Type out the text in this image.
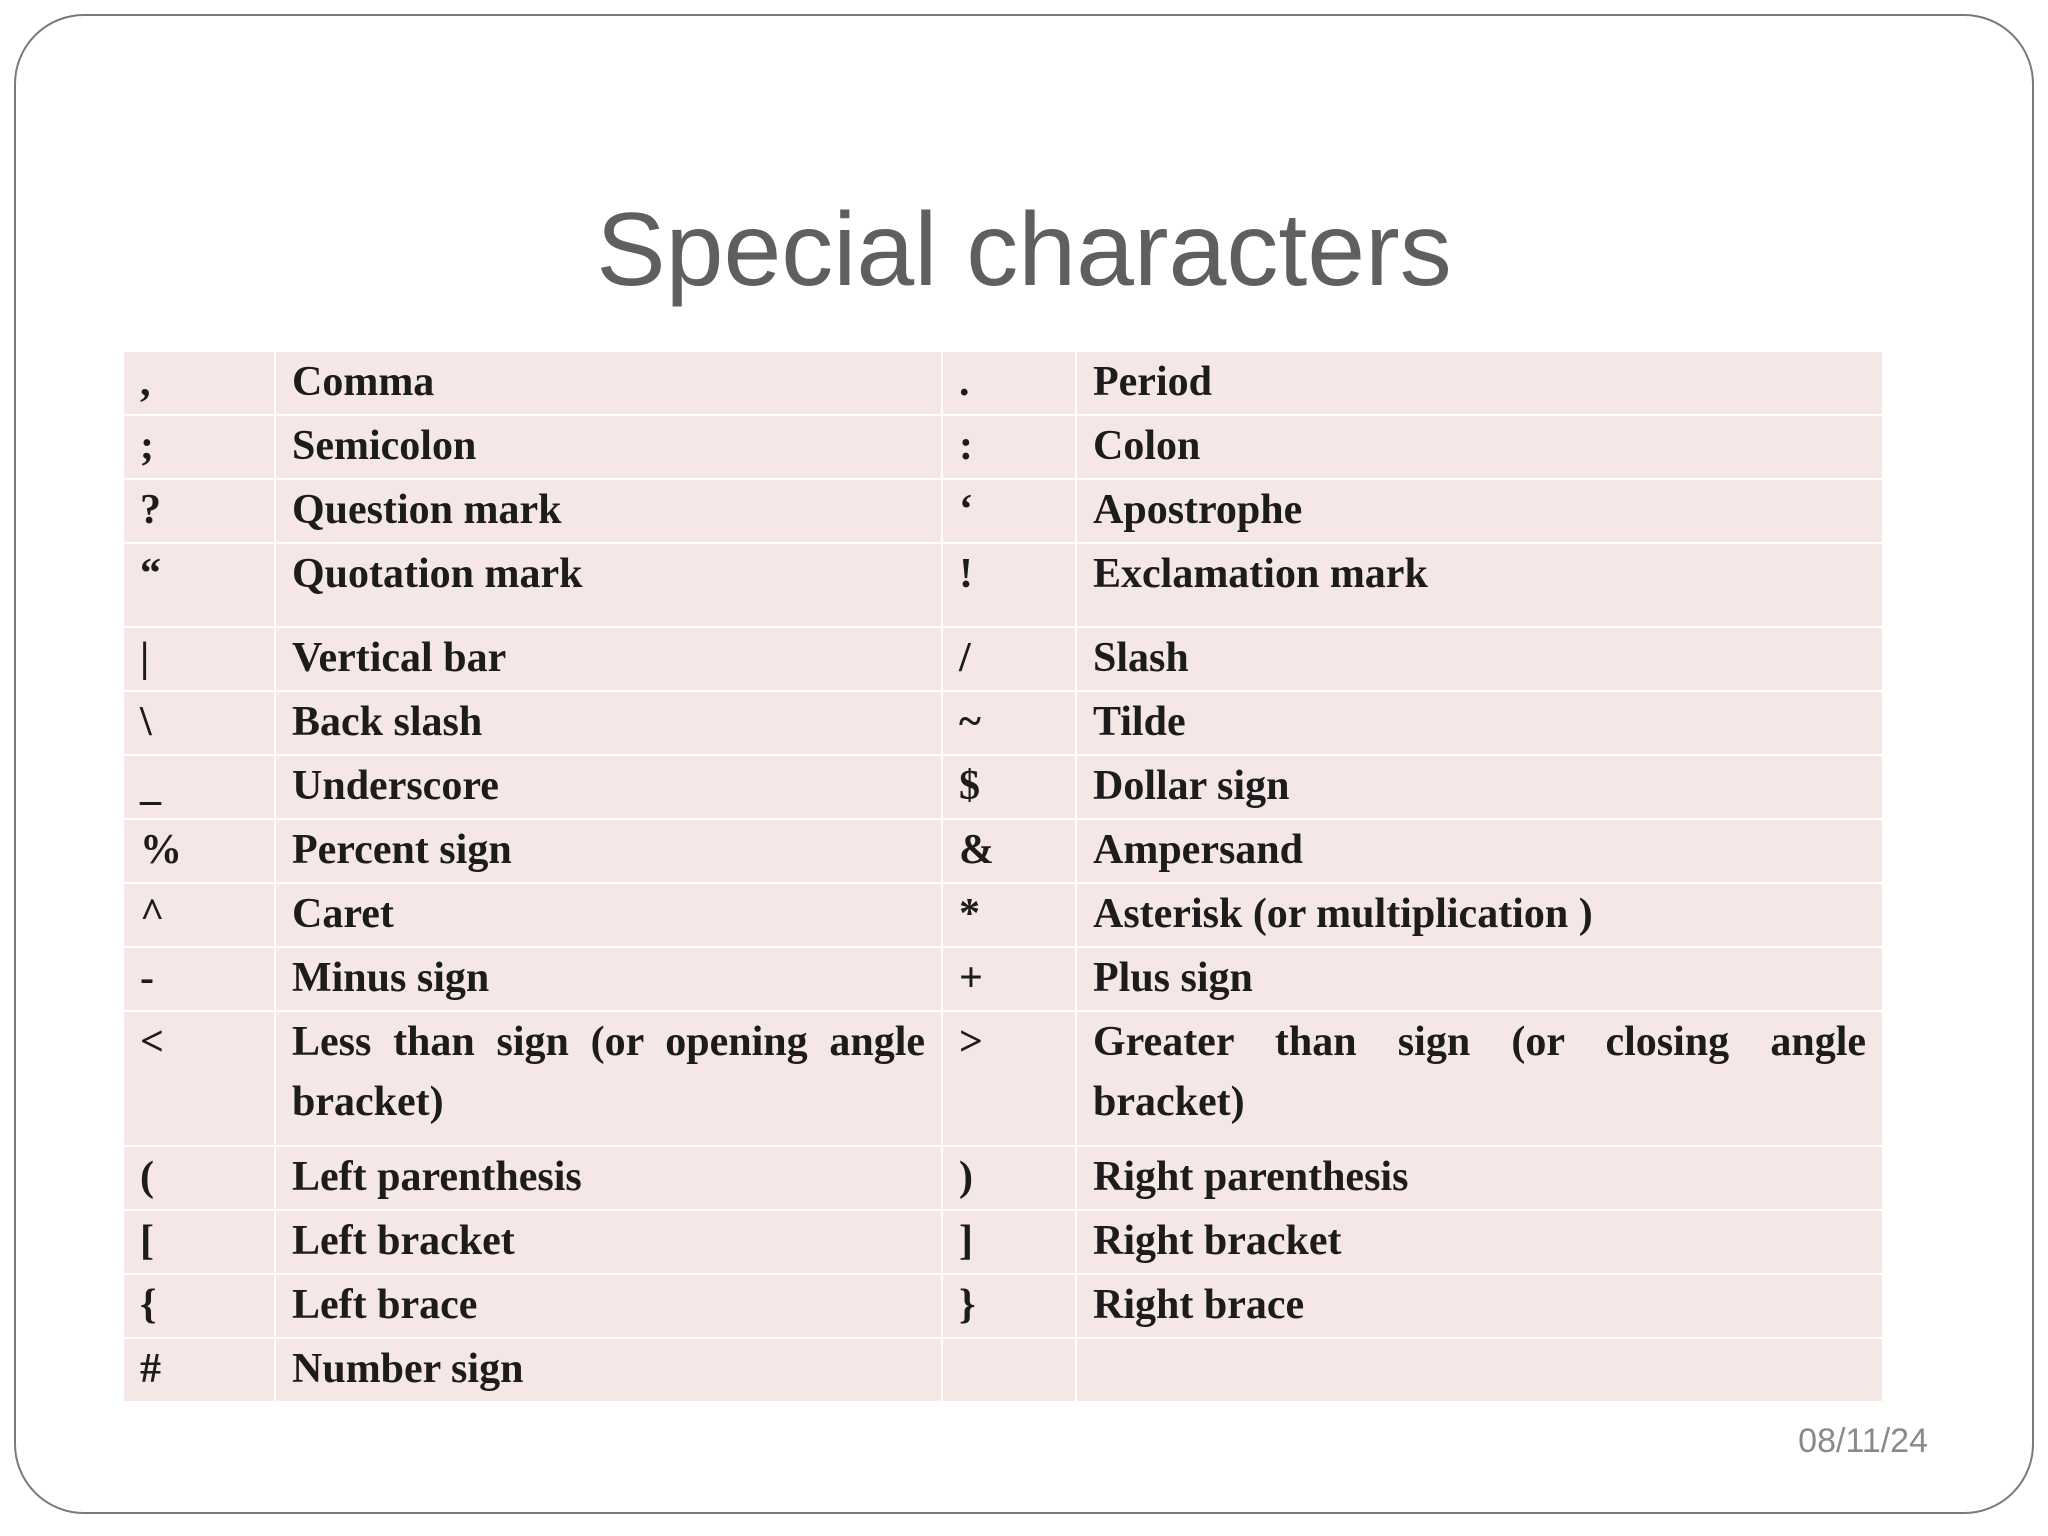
Special characters
,	Comma	.	Period
;	Semicolon	:	Colon
?	Question mark	‘	Apostrophe
“	Quotation mark	!	Exclamation mark
|	Vertical bar	/	Slash
\	Back slash	~	Tilde
_	Underscore	$	Dollar sign
%	Percent sign	&	Ampersand
^	Caret	*	Asterisk (or multiplication )
-	Minus sign	+	Plus sign
<	Less than sign (or opening angle bracket)	>	Greater than sign (or closing angle bracket)
(	Left parenthesis	)	Right parenthesis
[	Left bracket	]	Right bracket
{	Left brace	}	Right brace
#	Number sign		
08/11/24
